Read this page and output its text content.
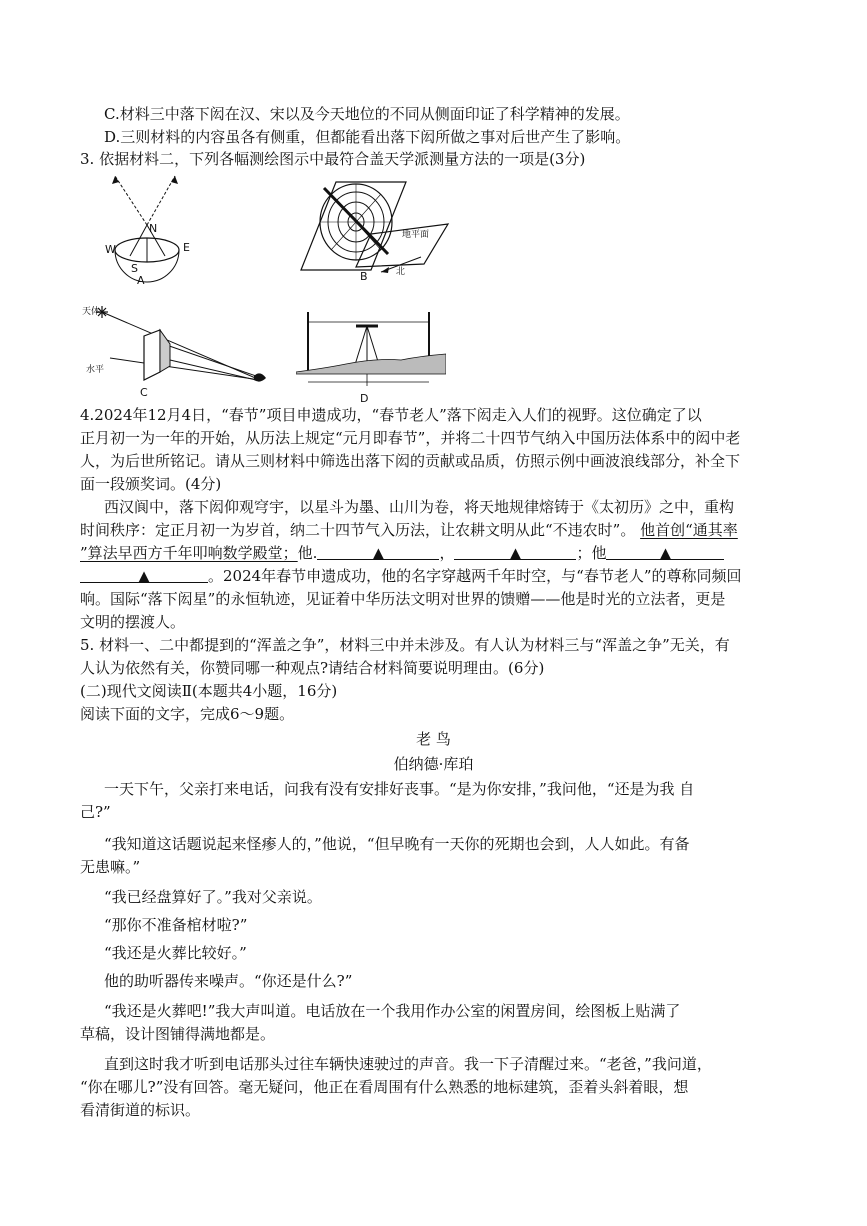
C.材料三中落下闳在汉、宋以及今天地位的不同从侧面印证了科学精神的发展。
D.三则材料的内容虽各有侧重，但都能看出落下闳所做之事对后世产生了影响。
3. 依据材料二，下列各幅测绘图示中最符合盖天学派测量方法的一项是(3分)
N
W	E
S
A
地平面
北
B
天体
水平
C	D
4.2024年12月4日，“春节”项目申遗成功，“春节老人”落下闳走入人们的视野。这位确定了以
正月初一为一年的开始，从历法上规定“元月即春节”，并将二十四节气纳入中国历法体系中的闳中老
人，为后世所铭记。请从三则材料中筛选出落下闳的贡献或品质，仿照示例中画波浪线部分，补全下
面一段颁奖词。(4分)
西汉阆中，落下闳仰观穹宇，以星斗为墨、山川为卷，将天地规律熔铸于《太初历》之中，重构
时间秩序：定正月初一为岁首，纳二十四节气入历法，让农耕文明从此“不违农时”。 他首创“通其率
”算法早西方千年叩响数学殿堂；他.	▲	，	▲	；他	▲
▲	。2024年春节申遗成功，他的名字穿越两千年时空，与“春节老人”的尊称同频回
响。国际“落下闳星”的永恒轨迹，见证着中华历法文明对世界的馈赠——他是时光的立法者，更是
文明的摆渡人。
5. 材料一、二中都提到的“浑盖之争”，材料三中并未涉及。有人认为材料三与“浑盖之争”无关，有
人认为依然有关，你赞同哪一种观点?请结合材料简要说明理由。(6分)
(二)现代文阅读Ⅱ(本题共4小题，16分)
阅读下面的文字，完成6～9题。
老 鸟
伯纳德·库珀
一天下午，父亲打来电话，问我有没有安排好丧事。“是为你安排，”我问他，“还是为我 自
己?”
“我知道这话题说起来怪瘆人的，”他说，“但早晚有一天你的死期也会到，人人如此。有备
无患嘛。”
“我已经盘算好了。”我对父亲说。
“那你不准备棺材啦?”
“我还是火葬比较好。”
他的助听器传来噪声。“你还是什么?”
“我还是火葬吧!”我大声叫道。电话放在一个我用作办公室的闲置房间，绘图板上贴满了
草稿，设计图铺得满地都是。
直到这时我才听到电话那头过往车辆快速驶过的声音。我一下子清醒过来。“老爸，”我问道，
“你在哪儿?”没有回答。毫无疑问，他正在看周围有什么熟悉的地标建筑，歪着头斜着眼，想
看清街道的标识。
